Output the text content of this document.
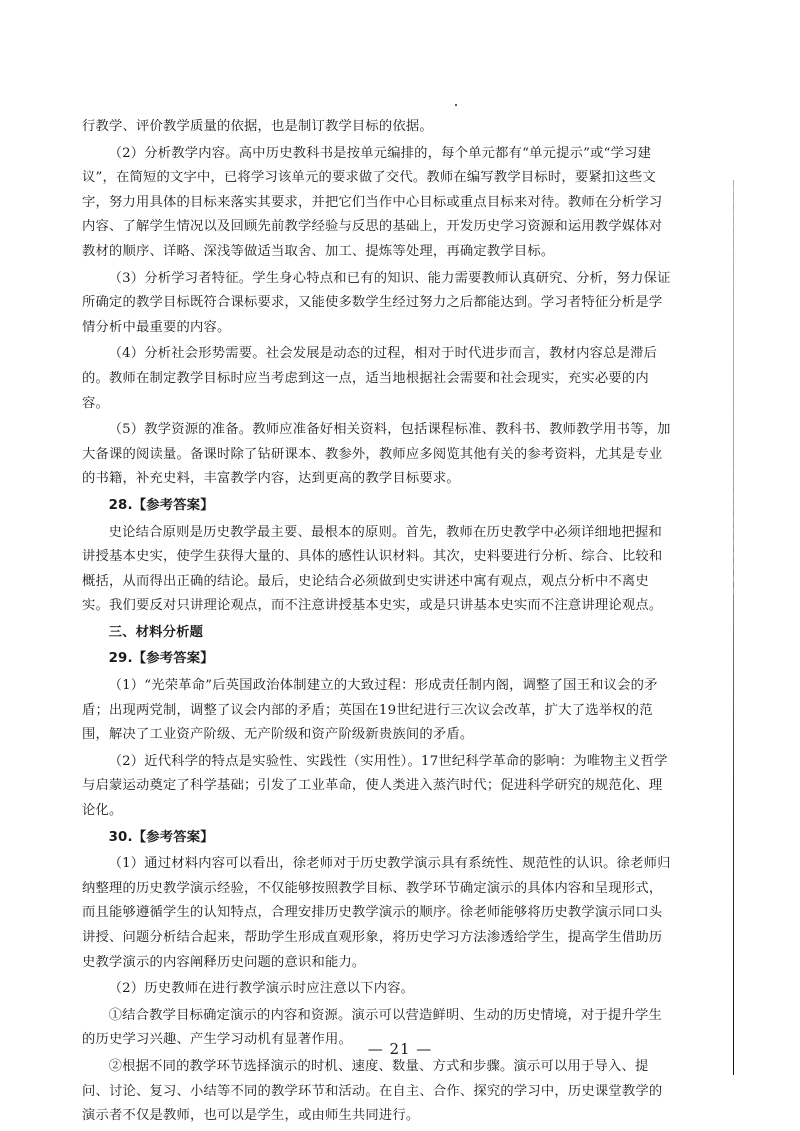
行教学、评价教学质量的依据，也是制订教学目标的依据。

（2）分析教学内容。高中历史教科书是按单元编排的，每个单元都有“单元提示”或“学习建议”，在简短的文字中，已将学习该单元的要求做了交代。教师在编写教学目标时，要紧扣这些文字，努力用具体的目标来落实其要求，并把它们当作中心目标或重点目标来对待。教师在分析学习内容、了解学生情况以及回顾先前教学经验与反思的基础上，开发历史学习资源和运用教学媒体对教材的顺序、详略、深浅等做适当取舍、加工、提炼等处理，再确定教学目标。

（3）分析学习者特征。学生身心特点和已有的知识、能力需要教师认真研究、分析，努力保证所确定的教学目标既符合课标要求，又能使多数学生经过努力之后都能达到。学习者特征分析是学情分析中最重要的内容。

（4）分析社会形势需要。社会发展是动态的过程，相对于时代进步而言，教材内容总是滞后的。教师在制定教学目标时应当考虑到这一点，适当地根据社会需要和社会现实，充实必要的内容。

（5）教学资源的准备。教师应准备好相关资料，包括课程标准、教科书、教师教学用书等，加大备课的阅读量。备课时除了钻研课本、教参外，教师应多阅览其他有关的参考资料，尤其是专业的书籍，补充史料，丰富教学内容，达到更高的教学目标要求。

28.【参考答案】

史论结合原则是历史教学最主要、最根本的原则。首先，教师在历史教学中必须详细地把握和讲授基本史实，使学生获得大量的、具体的感性认识材料。其次，史料要进行分析、综合、比较和概括，从而得出正确的结论。最后，史论结合必须做到史实讲述中寓有观点，观点分析中不离史实。我们要反对只讲理论观点，而不注意讲授基本史实，或是只讲基本史实而不注意讲理论观点。

三、材料分析题

29.【参考答案】

（1）“光荣革命”后英国政治体制建立的大致过程：形成责任制内阁，调整了国王和议会的矛盾；出现两党制，调整了议会内部的矛盾；英国在19世纪进行三次议会改革，扩大了选举权的范围，解决了工业资产阶级、无产阶级和资产阶级新贵族间的矛盾。

（2）近代科学的特点是实验性、实践性（实用性）。17世纪科学革命的影响：为唯物主义哲学与启蒙运动奠定了科学基础；引发了工业革命，使人类进入蒸汽时代；促进科学研究的规范化、理论化。

30.【参考答案】

（1）通过材料内容可以看出，徐老师对于历史教学演示具有系统性、规范性的认识。徐老师归纳整理的历史教学演示经验，不仅能够按照教学目标、教学环节确定演示的具体内容和呈现形式，而且能够遵循学生的认知特点，合理安排历史教学演示的顺序。徐老师能够将历史教学演示同口头讲授、问题分析结合起来，帮助学生形成直观形象，将历史学习方法渗透给学生，提高学生借助历史教学演示的内容阐释历史问题的意识和能力。

（2）历史教师在进行教学演示时应注意以下内容。

①结合教学目标确定演示的内容和资源。演示可以营造鲜明、生动的历史情境，对于提升学生的历史学习兴趣、产生学习动机有显著作用。

②根据不同的教学环节选择演示的时机、速度、数量、方式和步骤。演示可以用于导入、提问、讨论、复习、小结等不同的教学环节和活动。在自主、合作、探究的学习中，历史课堂教学的演示者不仅是教师，也可以是学生，或由师生共同进行。

— 21 —
